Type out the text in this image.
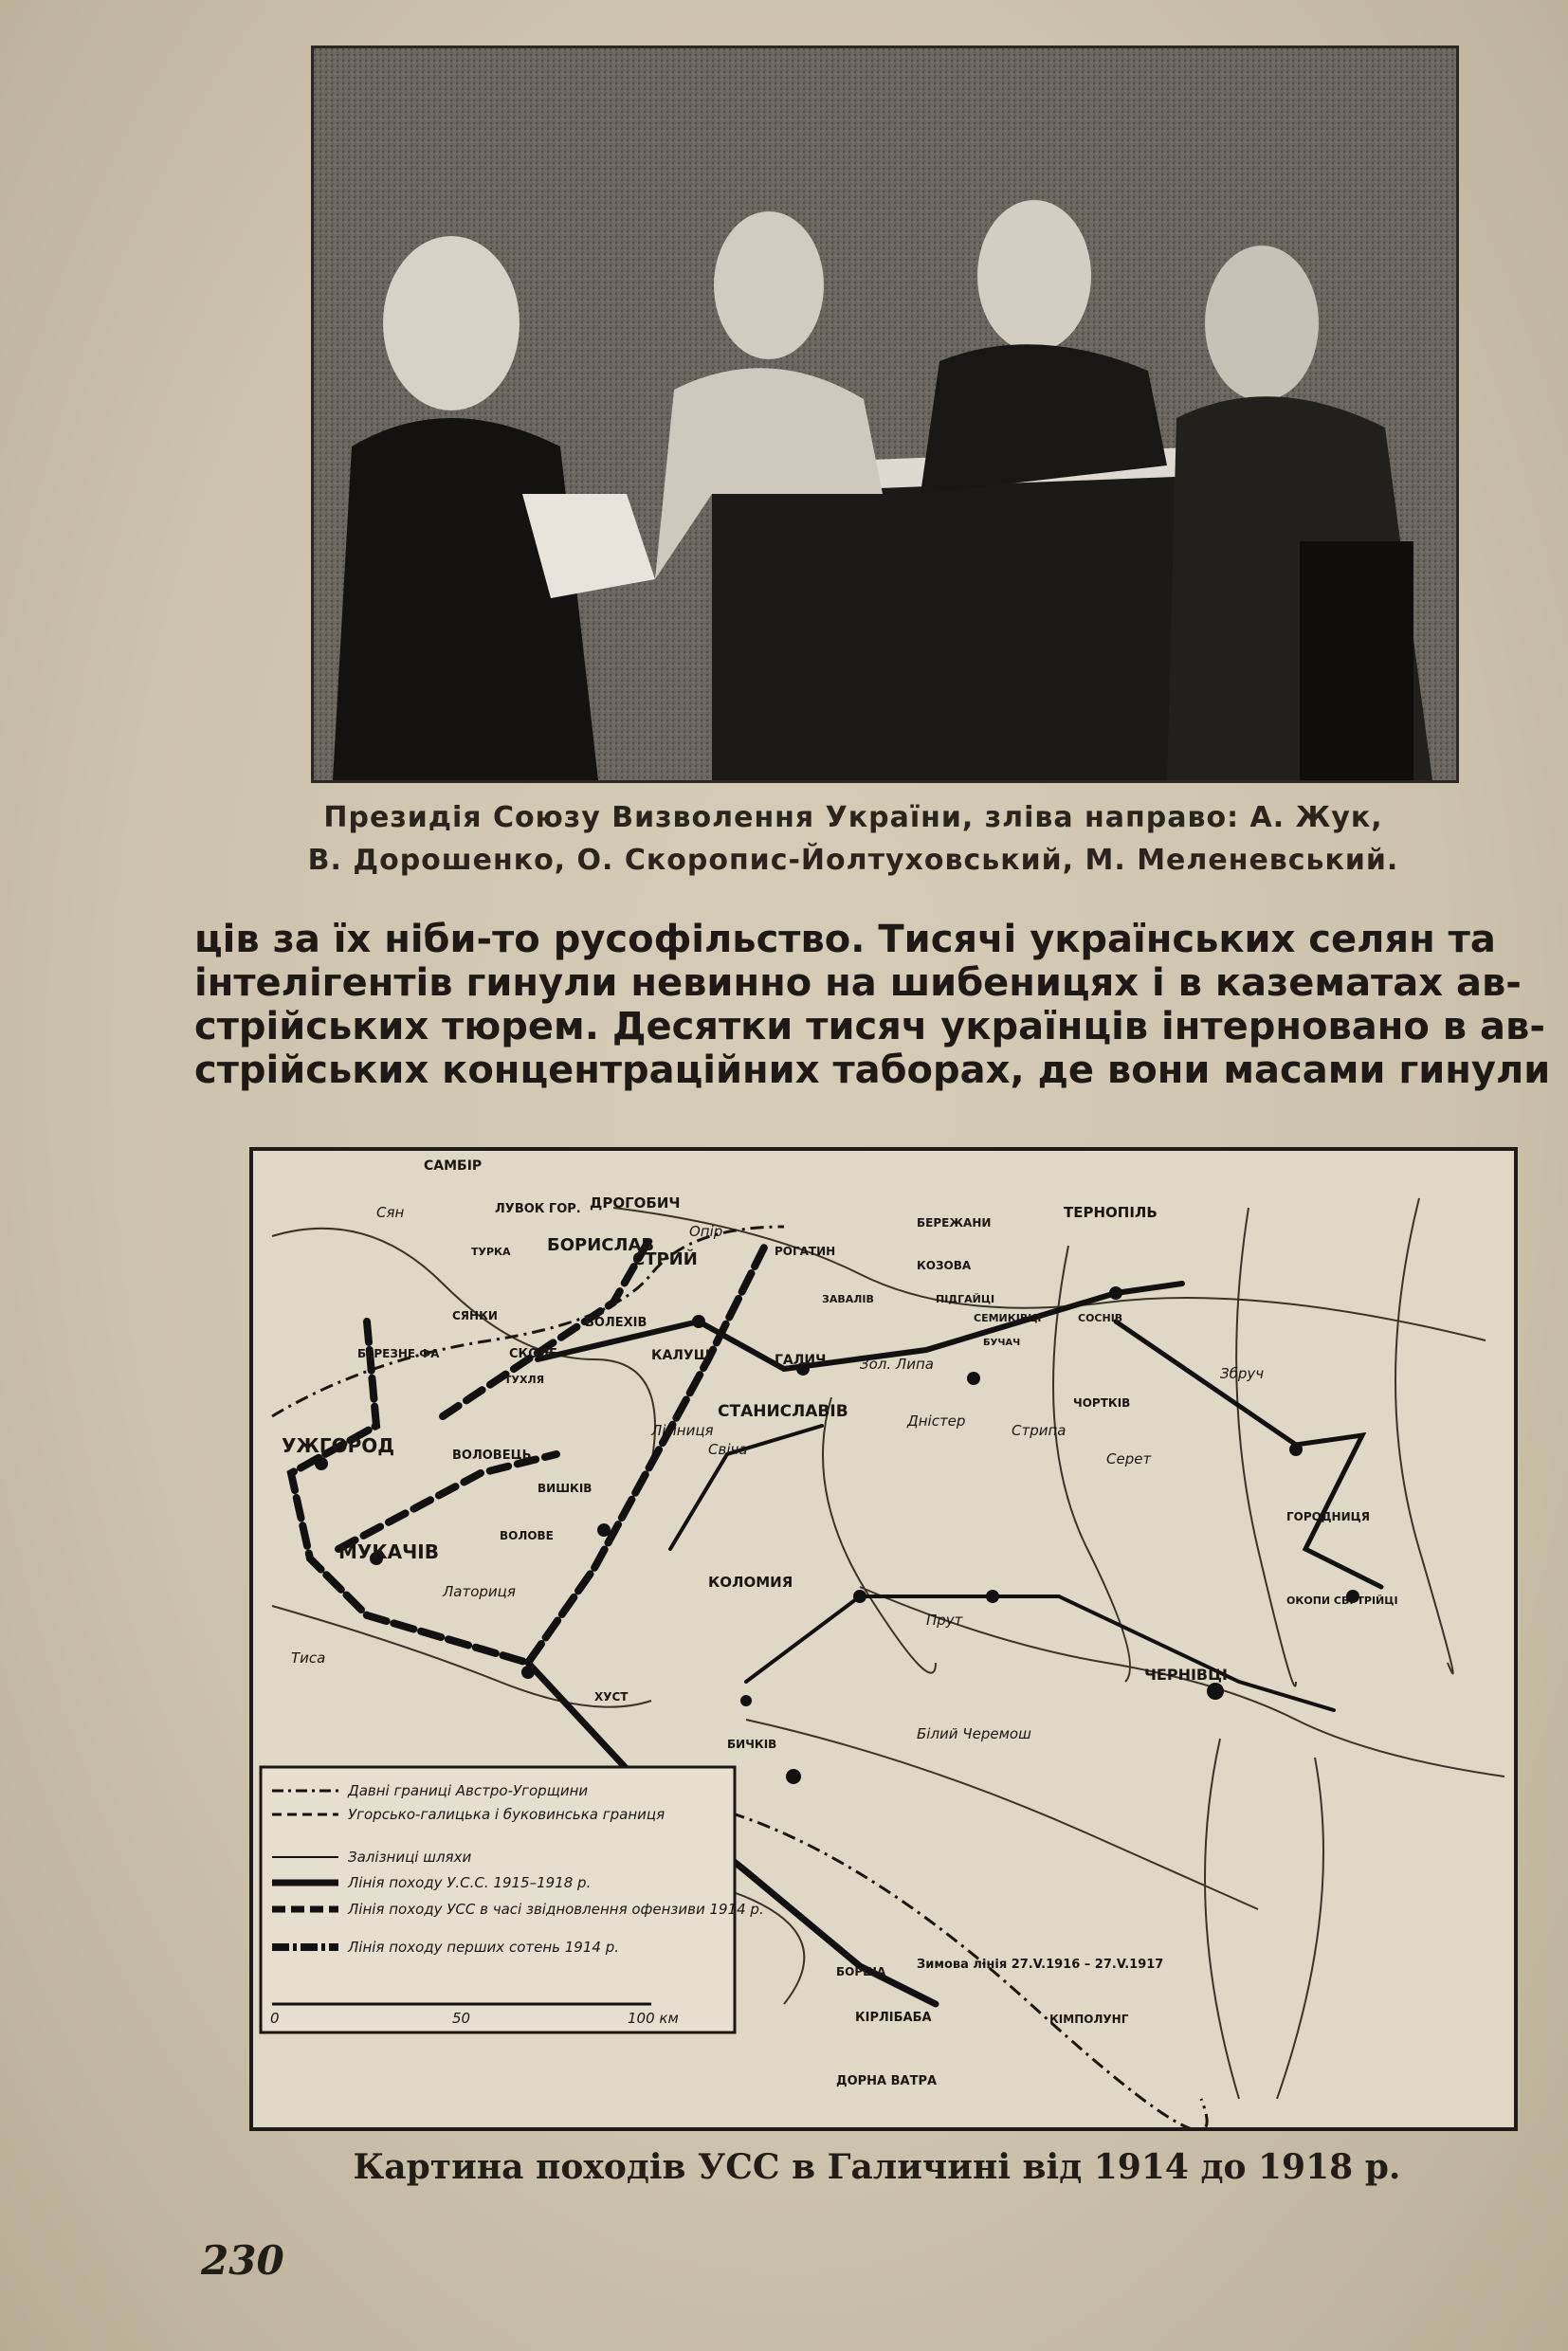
Президія Союзу Визволення України, зліва направо: А. Жук,
В. Дорошенко, О. Скоропис-Йолтуховський, М. Меленевський.
ців за їх ніби-то русофільство. Тисячі українських селян та
інтелігентів гинули невинно на шибеницях і в казематах ав-
стрійських тюрем. Десятки тисяч українців інтерновано в ав-
стрійських концентраційних таборах, де вони масами гинули
САМБІР
ЛУВОК ГОР. ДРОГОБИЧ
БОРИСЛАВ
СТРИЙ	РОГАТИН
БЕРЕЖАНИ
ТЕРНОПІЛЬ
ТУРКА
КОЗОВА
ПІДГАЙЦІ
ЗАВАЛІВ
СЕМИКІВЦІ	СОСНІВ
БУЧАЧ
СЯНКИ
БЕРЕЗНЕ ФА	СКОЛЕ
ТУХЛЯ
БОЛЕХІВ
КАЛУШ	ГАЛИЧ
ЧОРТКІВ
УЖГОРОД
СТАНИСЛАВІВ
ВОЛОВЕЦЬ
ВИШКІВ
МУКАЧІВ
ВОЛОВЕ
ГОРОДНИЦЯ
КОЛОМИЯ
ХУСТ
ОКОПИ СВ. ТРІЙЦІ
ЧЕРНІВЦІ
БИЧКІВ
БОРША
КІРЛІБАБА	КІМПОЛУНГ
ДОРНА ВАТРА
Зимова лінія 27.V.1916 – 27.V.1917
Сян
Свіча
Лімниця
Опір
Зол. Липа
Дністер
Стрипа
Серет
Збруч
Прут
Латориця
Тиса
Білий Черемош
Давні границі Австро-Угорщини
Угорсько-галицька і буковинська границя
Залізниці шляхи
Лінія походу У.С.С. 1915–1918 р.
Лінія походу УСС в часі звідновлення офензиви 1914 р.
Лінія походу перших сотень 1914 р.
0	50	100 км
Картина походів УСС в Галичині від 1914 до 1918 р.
230
